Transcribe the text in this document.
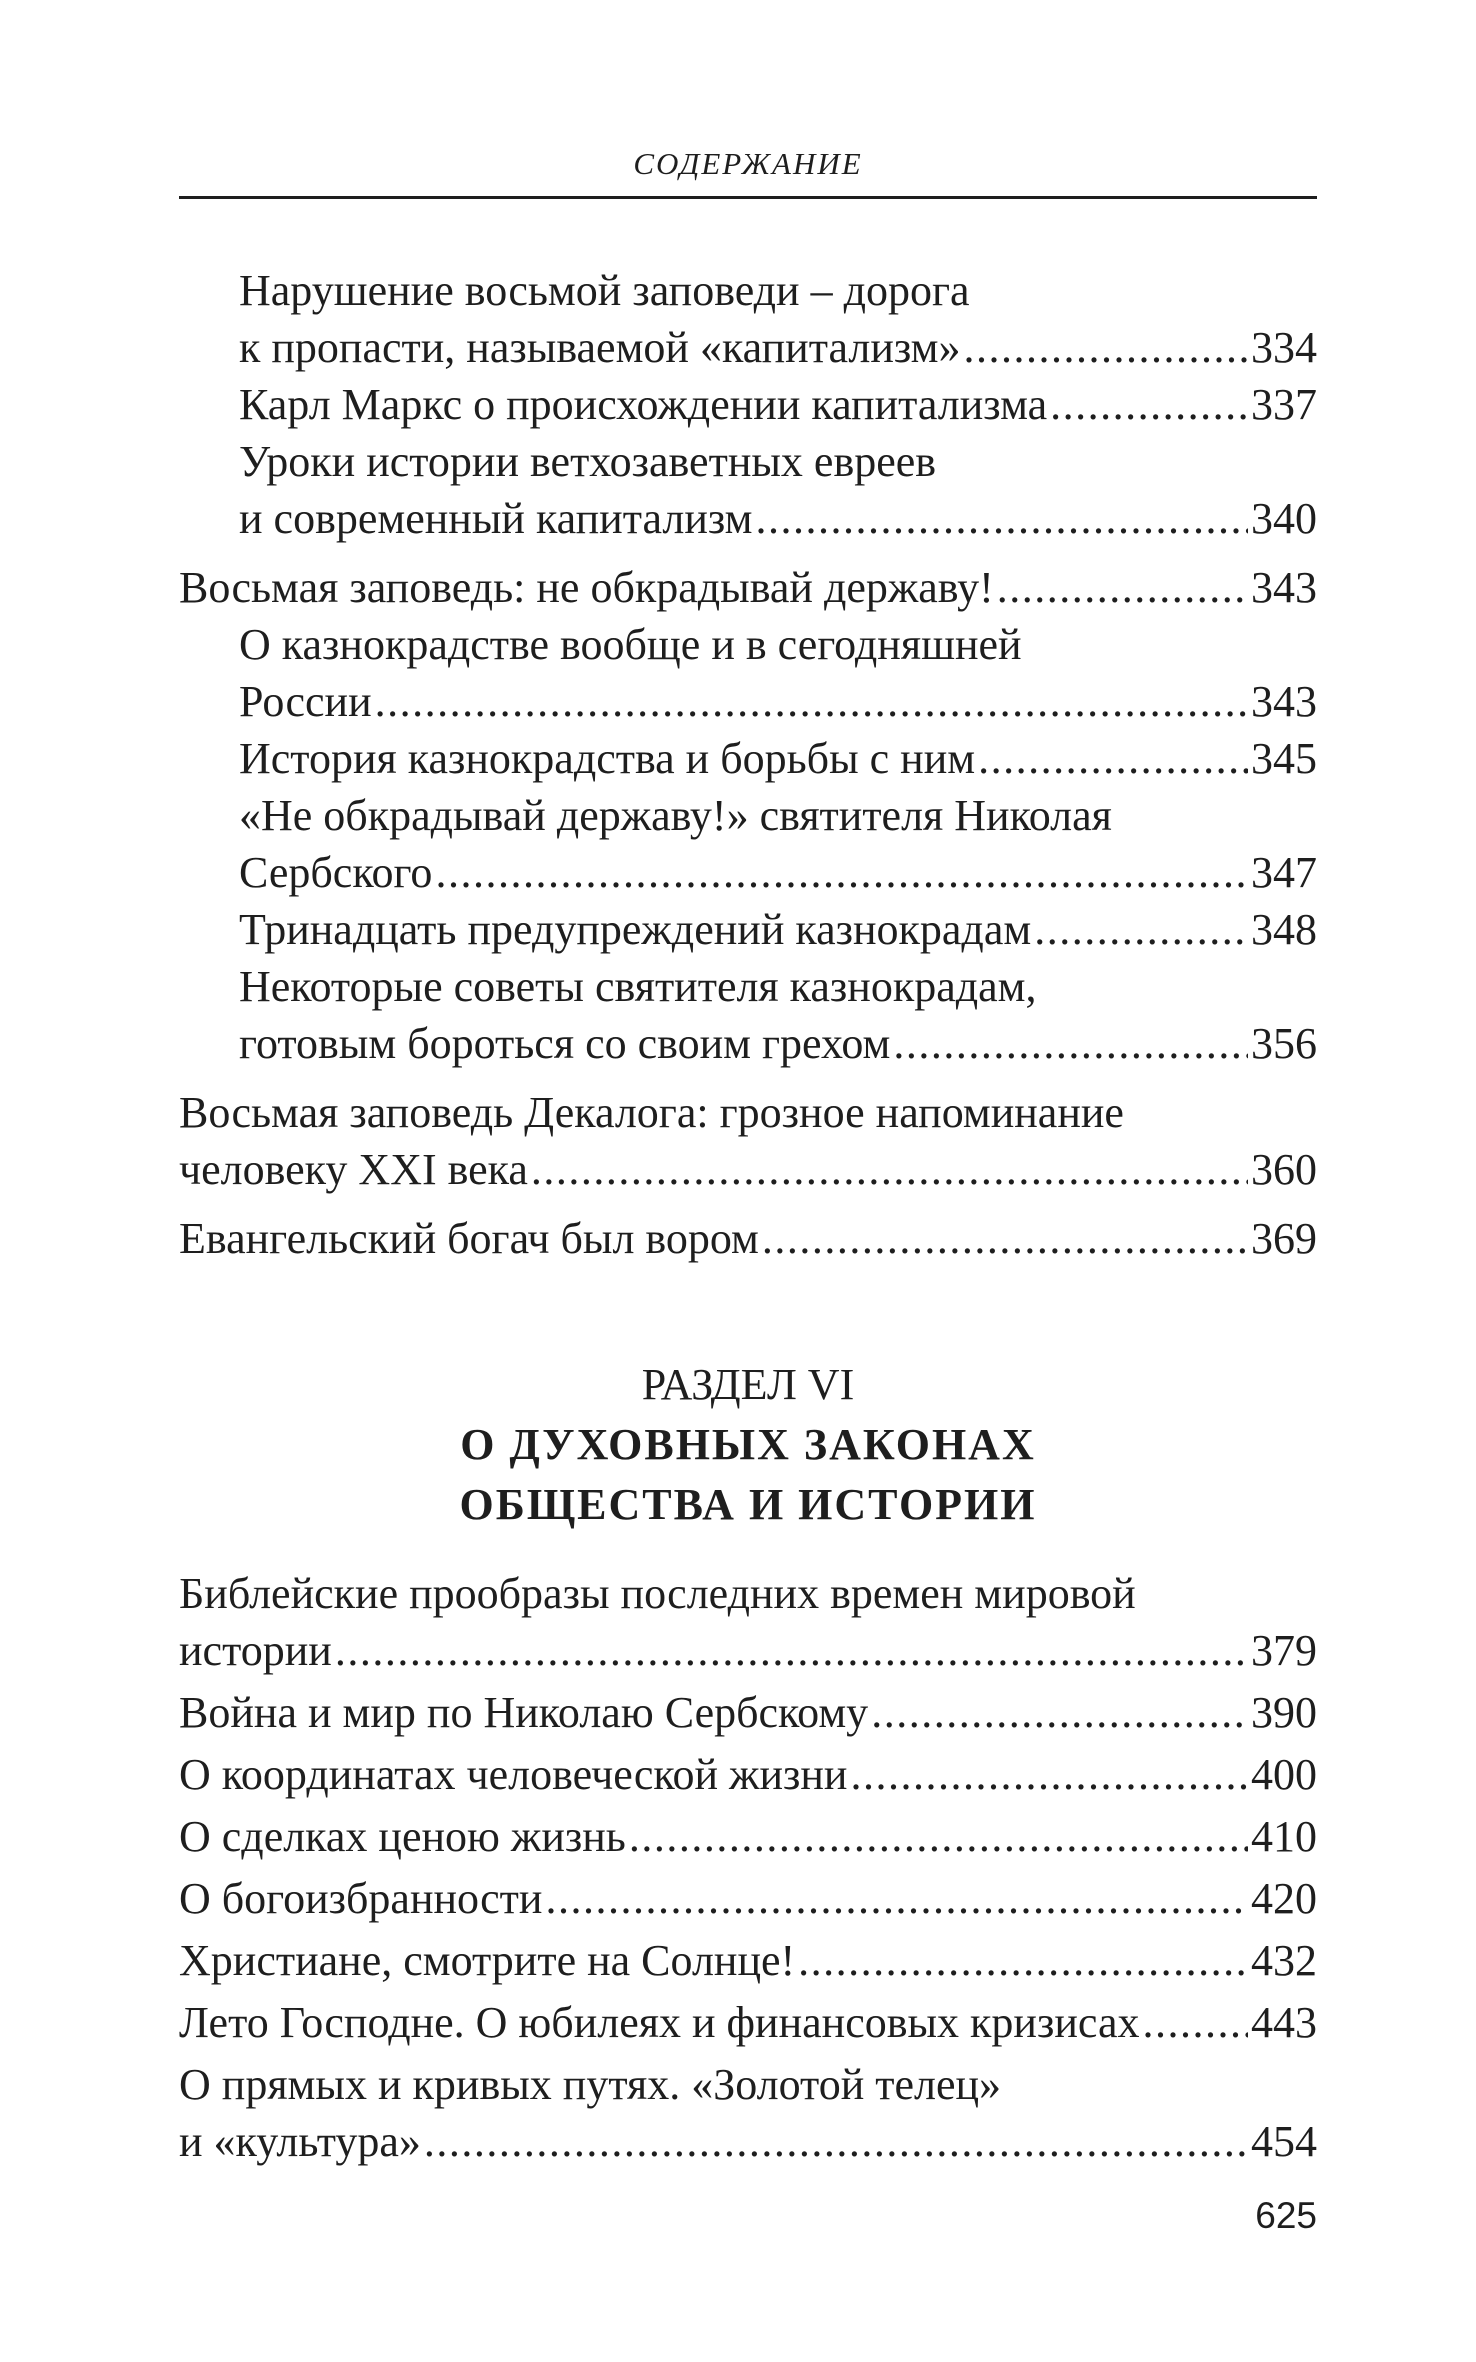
СОДЕРЖАНИЕ
Нарушение восьмой заповеди – дорога
к пропасти, называемой «капитализм» .....	334
Карл Маркс о происхождении капитализма .....	337
Уроки истории ветхозаветных евреев
и современный капитализм .....	340
Восьмая заповедь: не обкрадывай державу! .....	343
О казнокрадстве вообще и в сегодняшней
России .....	343
История казнокрадства и борьбы с ним .....	345
«Не обкрадывай державу!» святителя Николая
Сербского .....	347
Тринадцать предупреждений казнокрадам .....	348
Некоторые советы святителя казнокрадам,
готовым бороться со своим грехом .....	356
Восьмая заповедь Декалога: грозное напоминание
человеку XXI века .....	360
Евангельский богач был вором .....	369
РАЗДЕЛ VI
О ДУХОВНЫХ ЗАКОНАХ
ОБЩЕСТВА И ИСТОРИИ
Библейские прообразы последних времен мировой
истории .....	379
Война и мир по Николаю Сербскому .....	390
О координатах человеческой жизни .....	400
О сделках ценою жизнь .....	410
О богоизбранности .....	420
Христиане, смотрите на Солнце! .....	432
Лето Господне. О юбилеях и финансовых кризисах .....	443
О прямых и кривых путях. «Золотой телец»
и «культура» .....	454
625
